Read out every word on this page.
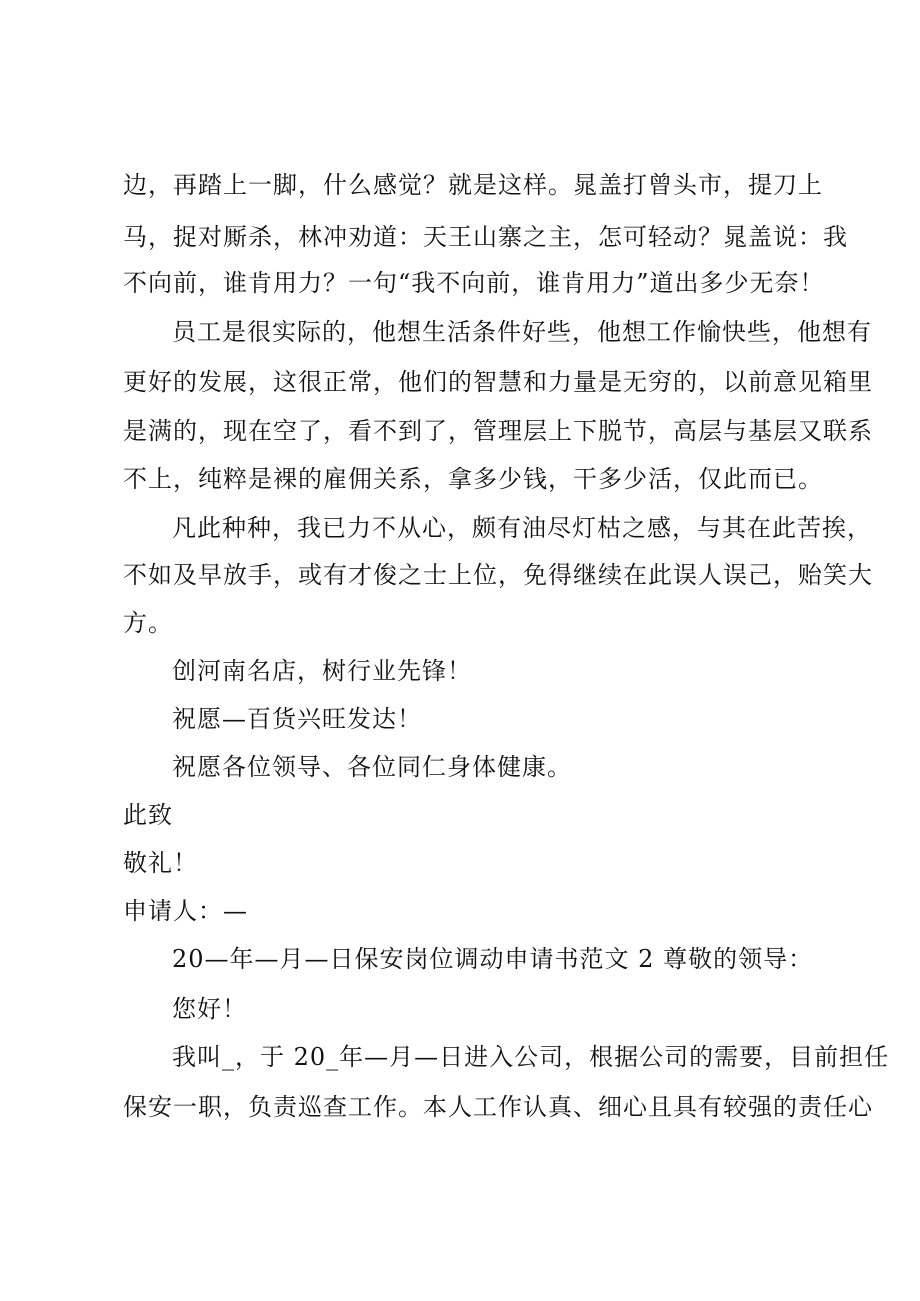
边，再踏上一脚，什么感觉？就是这样。晁盖打曾头市，提刀上
马，捉对厮杀，林冲劝道：天王山寨之主，怎可轻动？晁盖说：我
不向前，谁肯用力？一句“我不向前，谁肯用力”道出多少无奈！
员工是很实际的，他想生活条件好些，他想工作愉快些，他想有
更好的发展，这很正常，他们的智慧和力量是无穷的，以前意见箱里
是满的，现在空了，看不到了，管理层上下脱节，高层与基层又联系
不上，纯粹是裸的雇佣关系，拿多少钱，干多少活，仅此而已。
凡此种种，我已力不从心，颇有油尽灯枯之感，与其在此苦挨，
不如及早放手，或有才俊之士上位，免得继续在此误人误己，贻笑大
方。
创河南名店，树行业先锋！
祝愿—百货兴旺发达！
祝愿各位领导、各位同仁身体健康。
此致
敬礼！
申请人：—
20—年—月—日保安岗位调动申请书范文 2 尊敬的领导：
您好！
我叫_，于 20_年—月—日进入公司，根据公司的需要，目前担任
保安一职，负责巡查工作。本人工作认真、细心且具有较强的责任心
